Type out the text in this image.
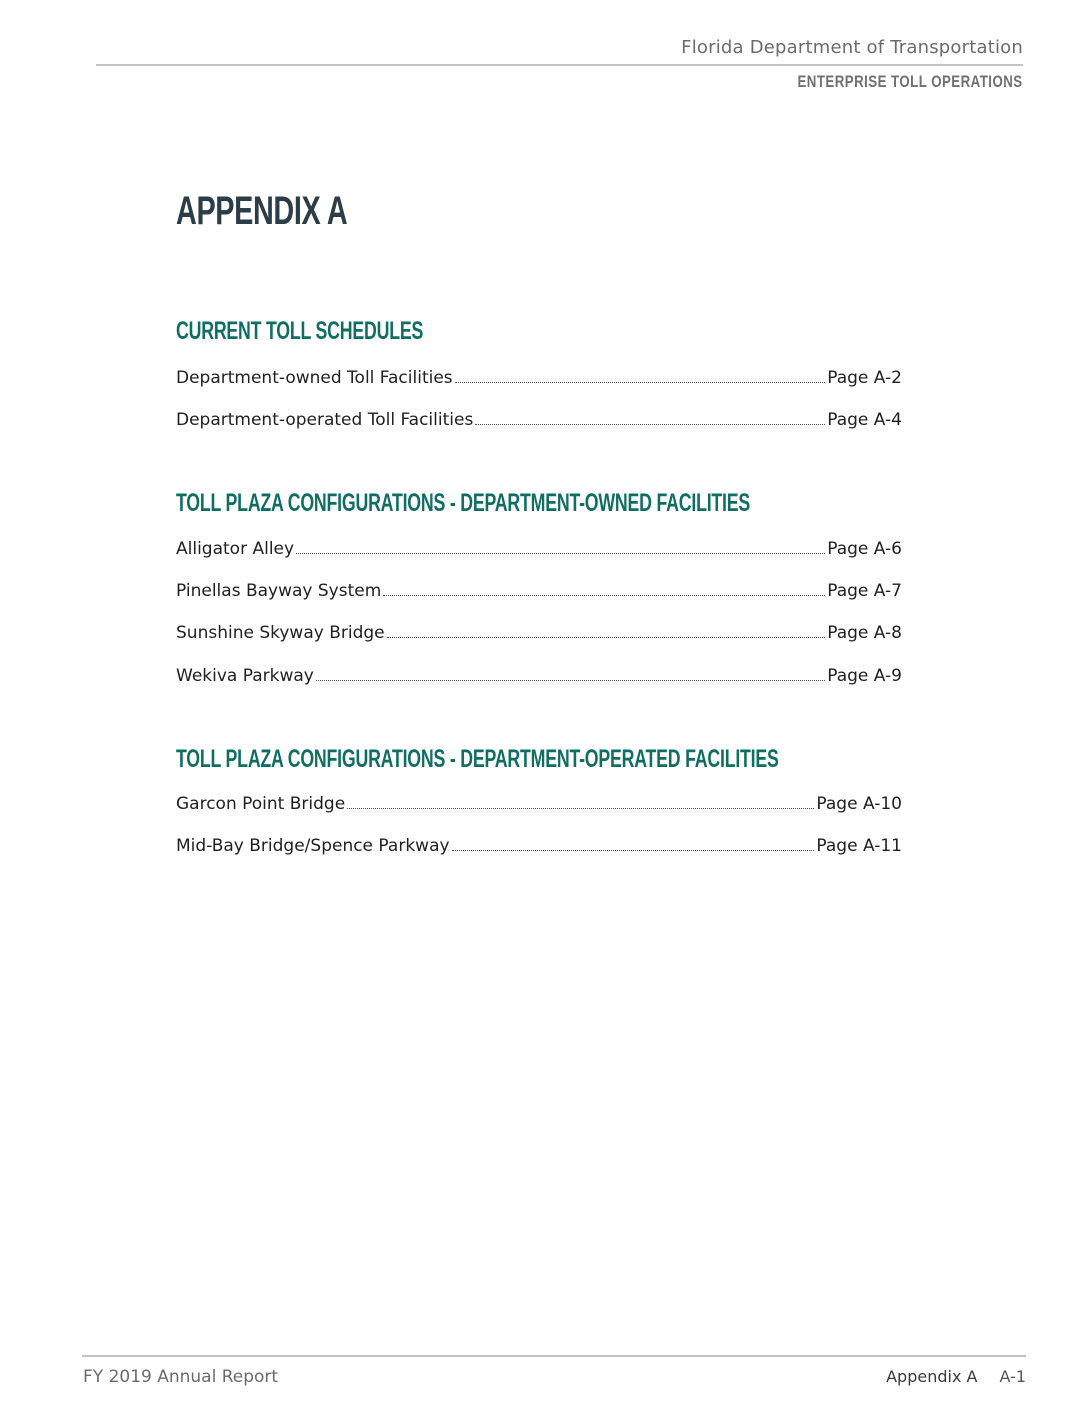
Florida Department of Transportation
ENTERPRISE TOLL OPERATIONS
APPENDIX A
CURRENT TOLL SCHEDULES
Department-owned Toll Facilities	Page A-2
Department-operated Toll Facilities	Page A-4
TOLL PLAZA CONFIGURATIONS - DEPARTMENT-OWNED FACILITIES
Alligator Alley	Page A-6
Pinellas Bayway System	Page A-7
Sunshine Skyway Bridge	Page A-8
Wekiva Parkway	Page A-9
TOLL PLAZA CONFIGURATIONS - DEPARTMENT-OPERATED FACILITIES
Garcon Point Bridge	Page A-10
Mid-Bay Bridge/Spence Parkway	Page A-11
FY 2019 Annual Report	Appendix A A-1
